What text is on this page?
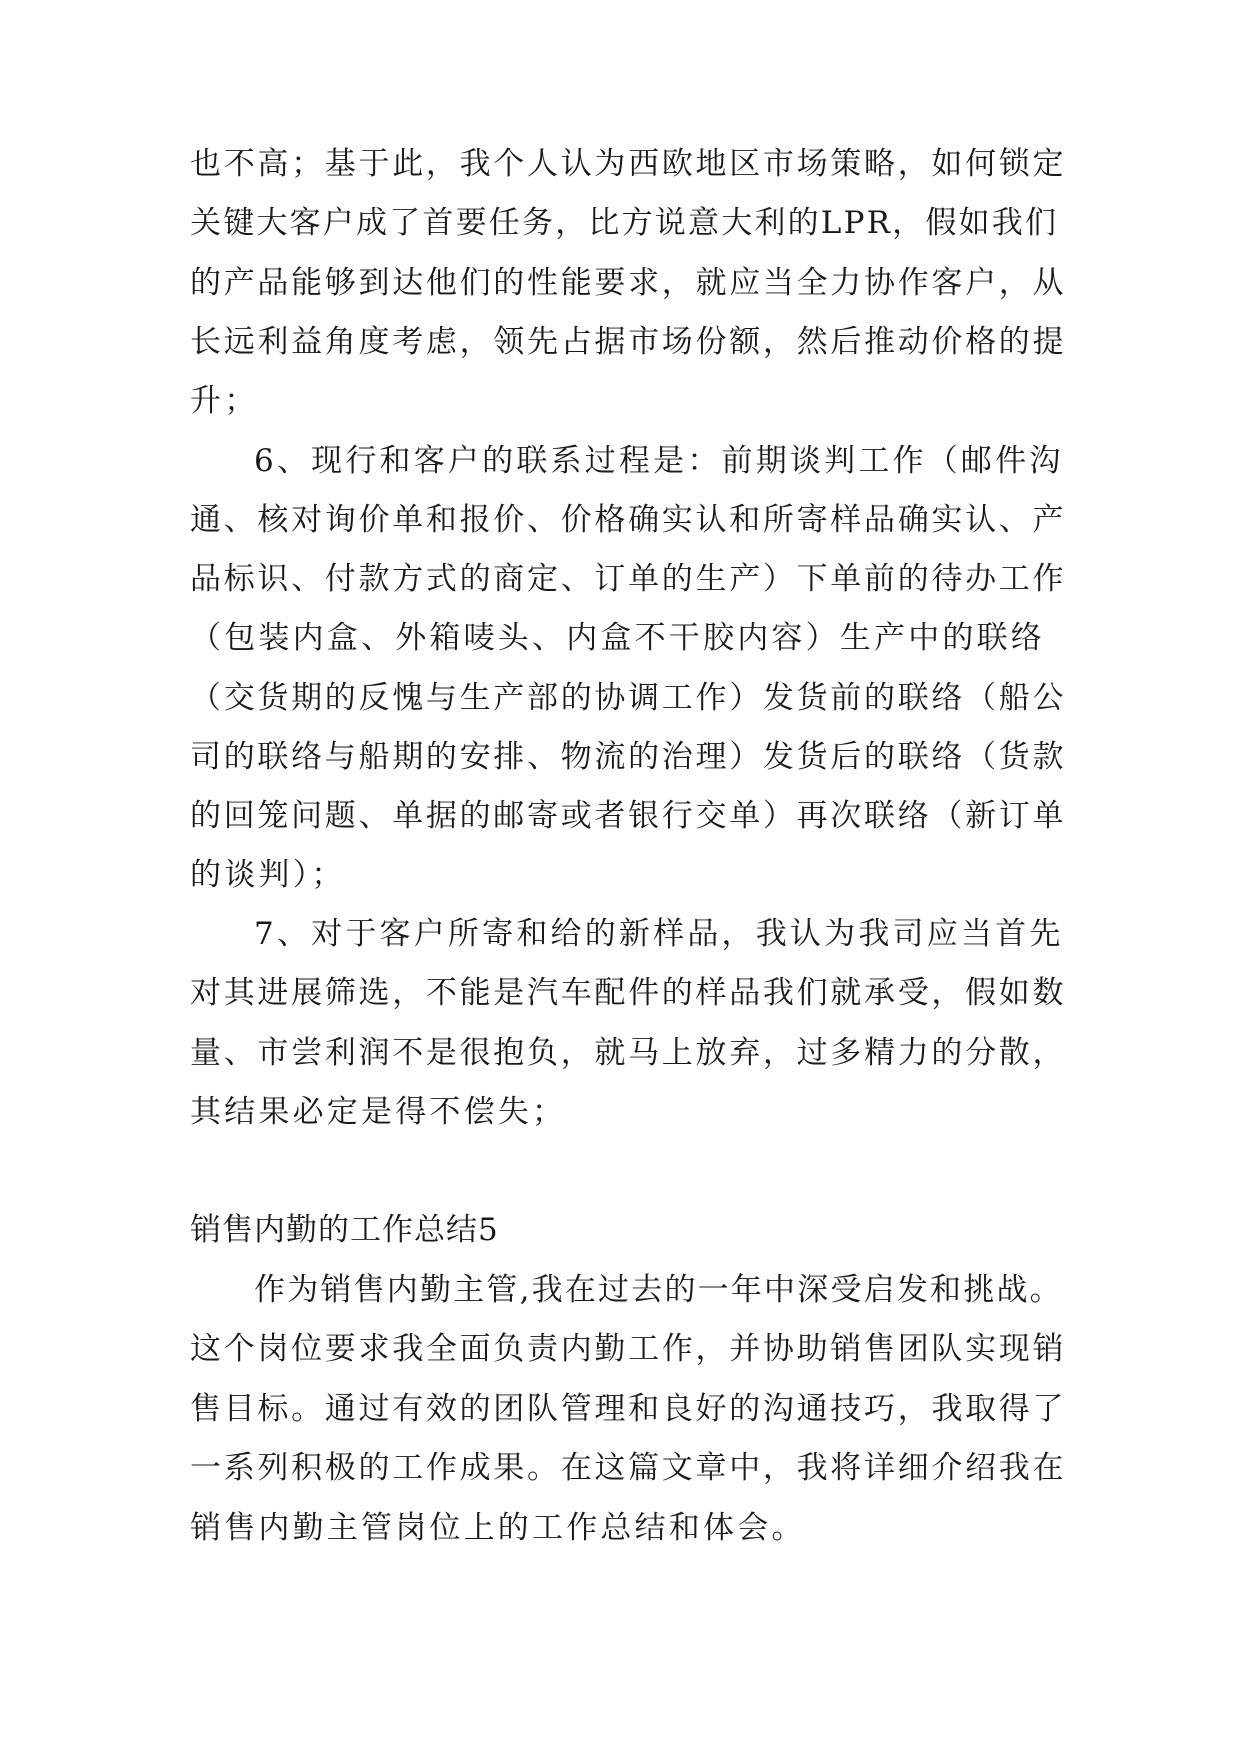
也不高；基于此，我个人认为西欧地区市场策略，如何锁定

关键大客户成了首要任务，比方说意大利的LPR，假如我们

的产品能够到达他们的性能要求，就应当全力协作客户，从

长远利益角度考虑，领先占据市场份额，然后推动价格的提

升；

6、现行和客户的联系过程是：前期谈判工作（邮件沟

通、核对询价单和报价、价格确实认和所寄样品确实认、产

品标识、付款方式的商定、订单的生产）下单前的待办工作

（包装内盒、外箱唛头、内盒不干胶内容）生产中的联络

（交货期的反愧与生产部的协调工作）发货前的联络（船公

司的联络与船期的安排、物流的治理）发货后的联络（货款

的回笼问题、单据的邮寄或者银行交单）再次联络（新订单

的谈判）；

7、对于客户所寄和给的新样品，我认为我司应当首先

对其进展筛选，不能是汽车配件的样品我们就承受，假如数

量、市尝利润不是很抱负，就马上放弃，过多精力的分散，

其结果必定是得不偿失；

销售内勤的工作总结5

作为销售内勤主管,我在过去的一年中深受启发和挑战。

这个岗位要求我全面负责内勤工作，并协助销售团队实现销

售目标。通过有效的团队管理和良好的沟通技巧，我取得了

一系列积极的工作成果。在这篇文章中，我将详细介绍我在

销售内勤主管岗位上的工作总结和体会。
